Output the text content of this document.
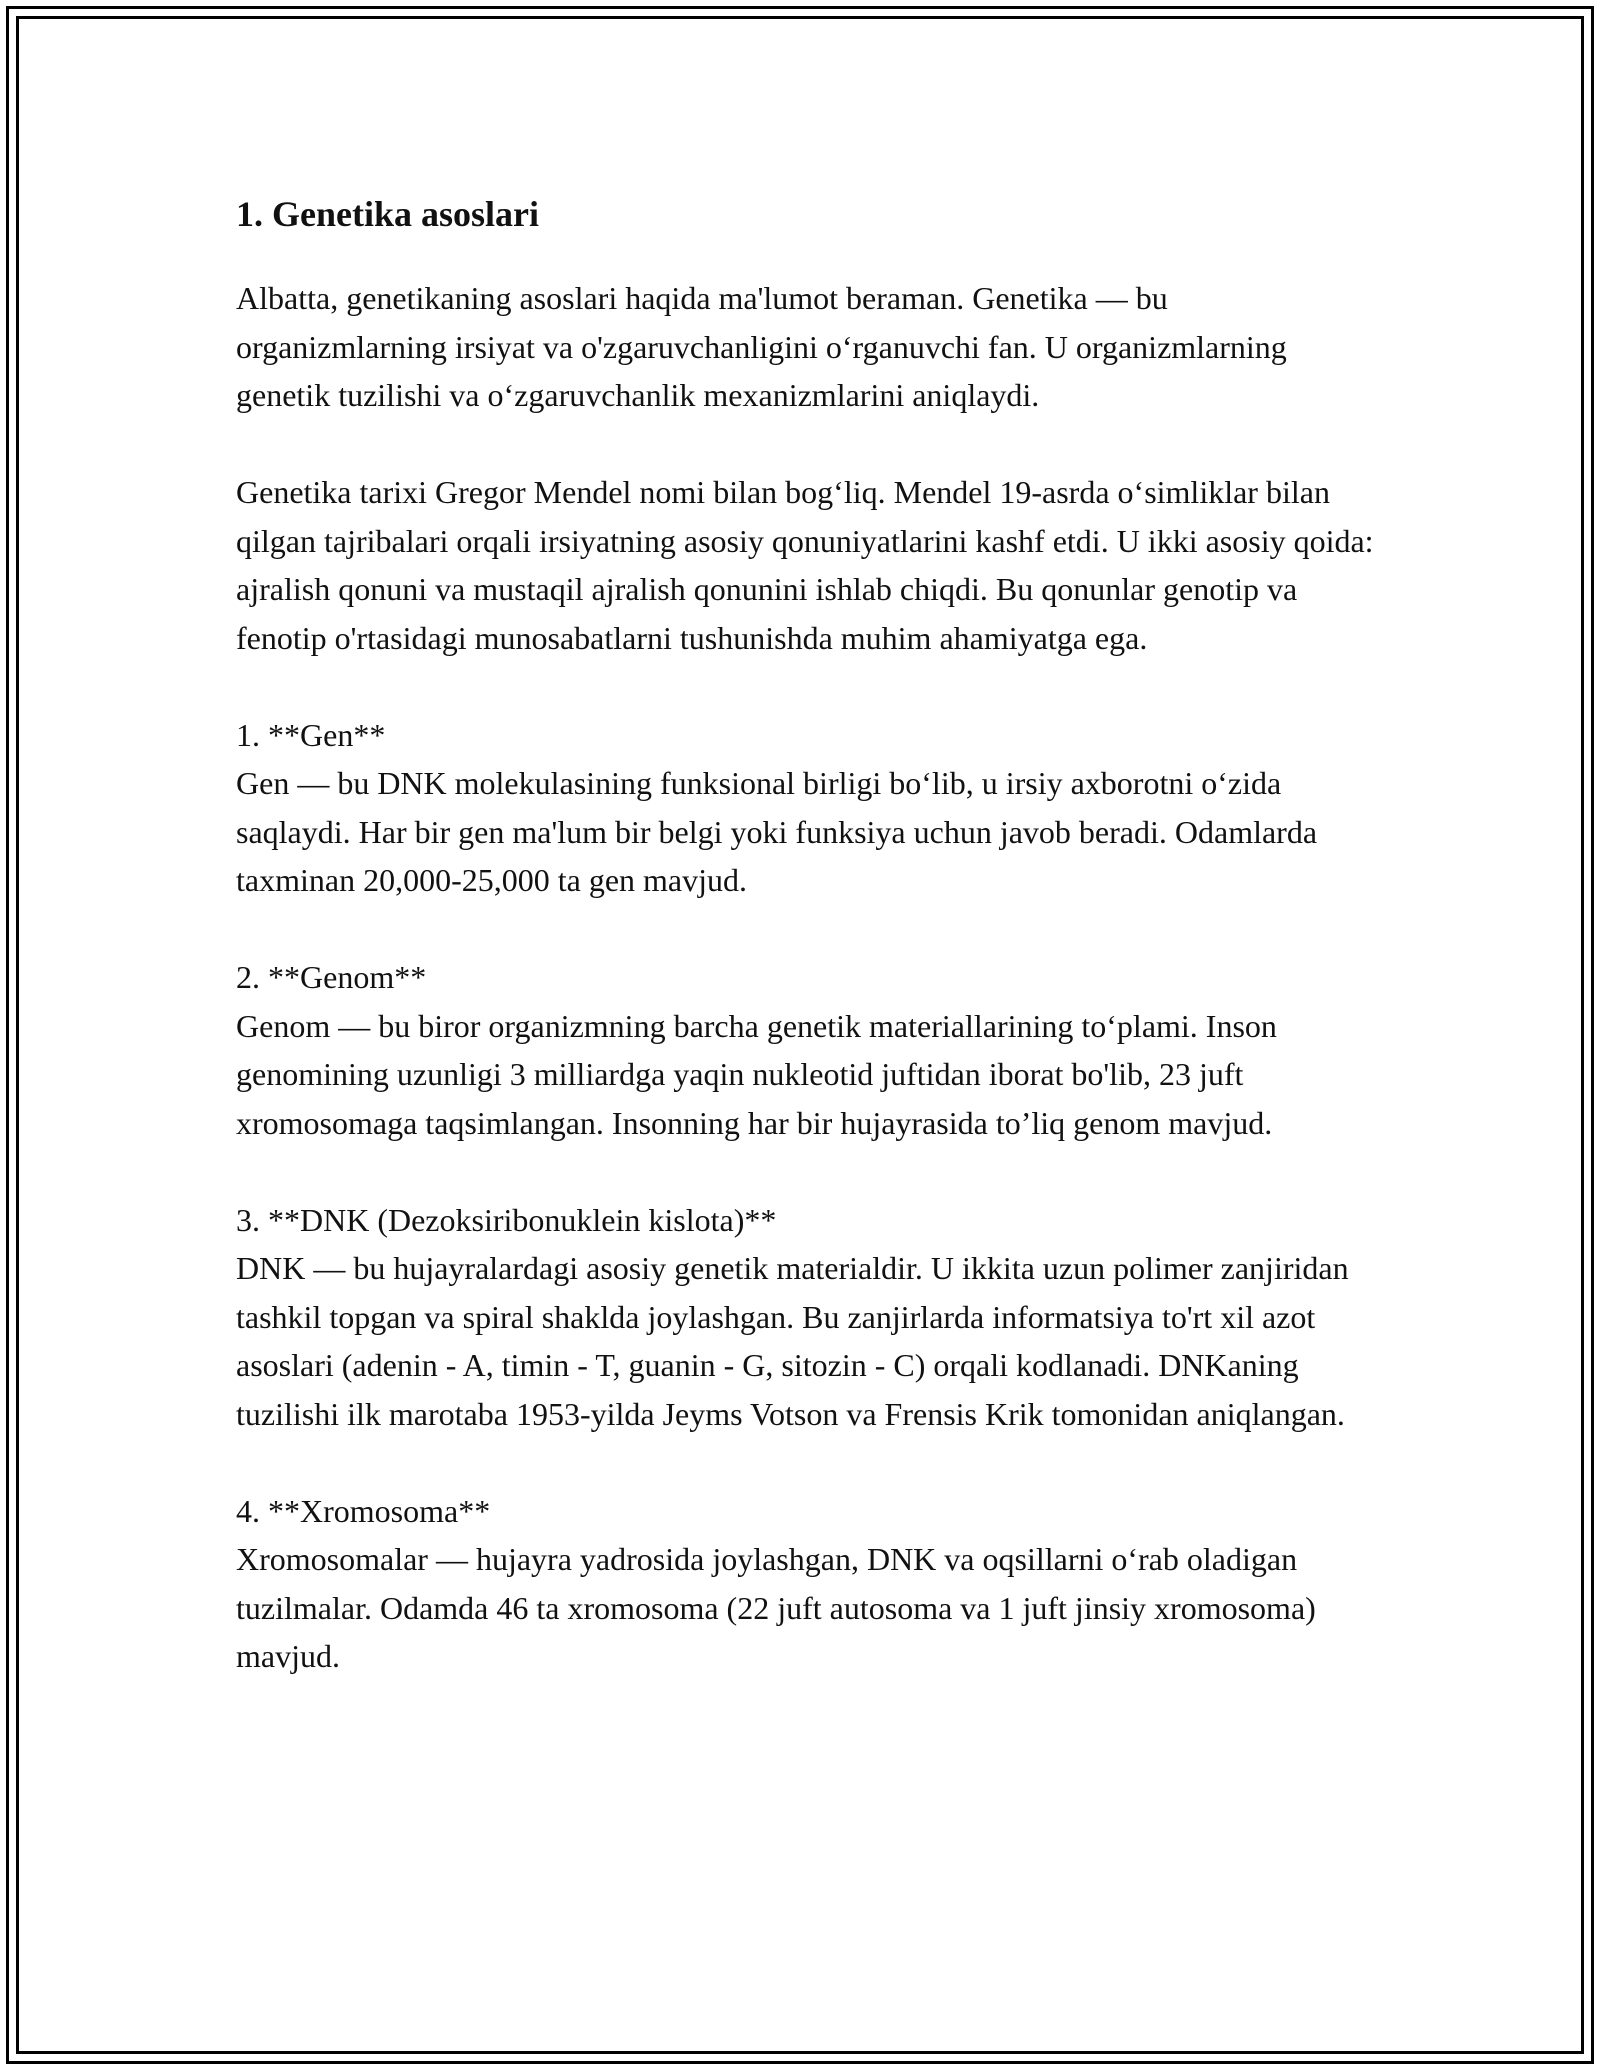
1. Genetika asoslari

Albatta, genetikaning asoslari haqida ma'lumot beraman. Genetika — bu organizmlarning irsiyat va o'zgaruvchanligini o‘rganuvchi fan. U organizmlarning genetik tuzilishi va o‘zgaruvchanlik mexanizmlarini aniqlaydi.

Genetika tarixi Gregor Mendel nomi bilan bog‘liq. Mendel 19-asrda o‘simliklar bilan qilgan tajribalari orqali irsiyatning asosiy qonuniyatlarini kashf etdi. U ikki asosiy qoida: ajralish qonuni va mustaqil ajralish qonunini ishlab chiqdi. Bu qonunlar genotip va fenotip o'rtasidagi munosabatlarni tushunishda muhim ahamiyatga ega.

1. **Gen**

Gen — bu DNK molekulasining funksional birligi bo‘lib, u irsiy axborotni o‘zida saqlaydi. Har bir gen ma'lum bir belgi yoki funksiya uchun javob beradi. Odamlarda taxminan 20,000-25,000 ta gen mavjud.

2. **Genom**

Genom — bu biror organizmning barcha genetik materiallarining to‘plami. Inson genomining uzunligi 3 milliardga yaqin nukleotid juftidan iborat bo'lib, 23 juft xromosomaga taqsimlangan. Insonning har bir hujayrasida to’liq genom mavjud.

3. **DNK (Dezoksiribonuklein kislota)**

DNK — bu hujayralardagi asosiy genetik materialdir. U ikkita uzun polimer zanjiridan tashkil topgan va spiral shaklda joylashgan. Bu zanjirlarda informatsiya to'rt xil azot asoslari (adenin - A, timin - T, guanin - G, sitozin - C) orqali kodlanadi. DNKaning tuzilishi ilk marotaba 1953-yilda Jeyms Votson va Frensis Krik tomonidan aniqlangan.

4. **Xromosoma**

Xromosomalar — hujayra yadrosida joylashgan, DNK va oqsillarni o‘rab oladigan tuzilmalar. Odamda 46 ta xromosoma (22 juft autosoma va 1 juft jinsiy xromosoma) mavjud.
